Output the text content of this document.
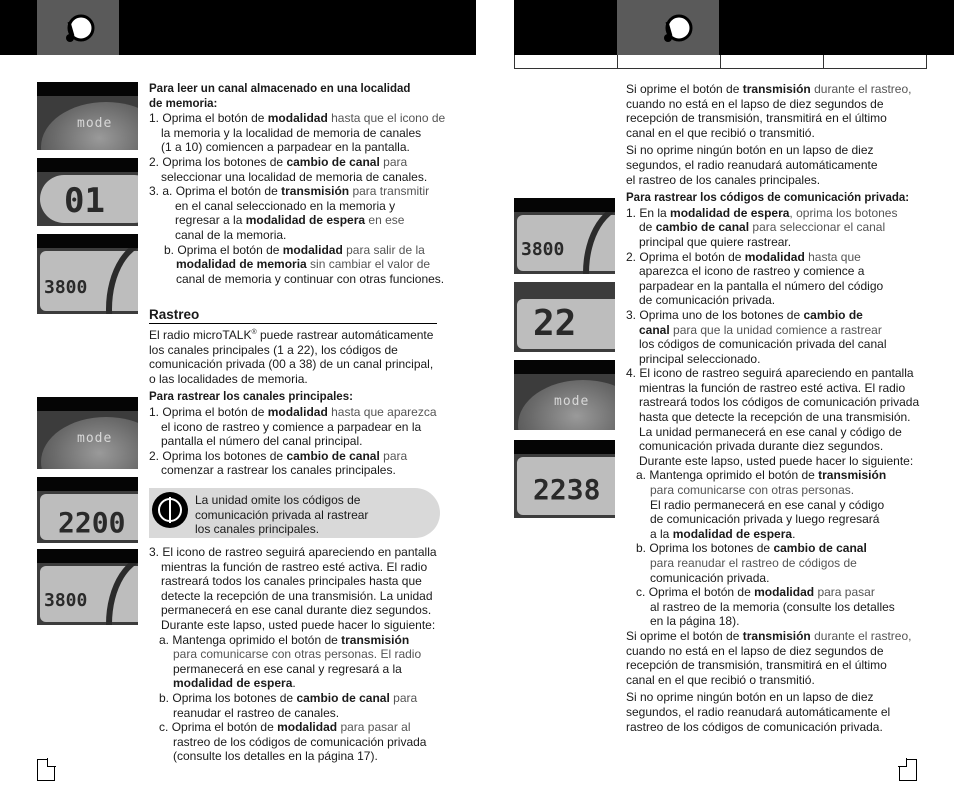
mode
01
3800
mode
2200
3800
3800
22
mode
2238

Para leer un canal almacenado en una localidad

de memoria:

1. Oprima el botón de modalidad hasta que el icono de

la memoria y la localidad de memoria de canales

(1 a 10) comiencen a parpadear en la pantalla.

2. Oprima los botones de cambio de canal para

seleccionar una localidad de memoria de canales.

3. a. Oprima el botón de transmisión para transmitir

en el canal seleccionado en la memoria y

regresar a la modalidad de espera en ese

canal de la memoria.

b. Oprima el botón de modalidad para salir de la

modalidad de memoria sin cambiar el valor de

canal de memoria y continuar con otras funciones.

Rastreo

El radio microTALK® puede rastrear automáticamente

los canales principales (1 a 22), los códigos de

comunicación privada (00 a 38) de un canal principal,

o las localidades de memoria.

Para rastrear los canales principales:

1. Oprima el botón de modalidad hasta que aparezca

el icono de rastreo y comience a parpadear en la

pantalla el número del canal principal.

2. Oprima los botones de cambio de canal para

comenzar a rastrear los canales principales.

La unidad omite los códigos de
comunicación privada al rastrear
los canales principales.

3. El icono de rastreo seguirá apareciendo en pantalla

mientras la función de rastreo esté activa. El radio

rastreará todos los canales principales hasta que

detecte la recepción de una transmisión. La unidad

permanecerá en ese canal durante diez segundos.

Durante este lapso, usted puede hacer lo siguiente:

a. Mantenga oprimido el botón de transmisión

para comunicarse con otras personas. El radio

permanecerá en ese canal y regresará a la

modalidad de espera.

b. Oprima los botones de cambio de canal para

reanudar el rastreo de canales.

c. Oprima el botón de modalidad para pasar al

rastreo de los códigos de comunicación privada

(consulte los detalles en la página 17).

Si oprime el botón de transmisión durante el rastreo,

cuando no está en el lapso de diez segundos de

recepción de transmisión, transmitirá en el último

canal en el que recibió o transmitió.

Si no oprime ningún botón en un lapso de diez

segundos, el radio reanudará automáticamente

el rastreo de los canales principales.

Para rastrear los códigos de comunicación privada:

1. En la modalidad de espera, oprima los botones

de cambio de canal para seleccionar el canal

principal que quiere rastrear.

2. Oprima el botón de modalidad hasta que

aparezca el icono de rastreo y comience a

parpadear en la pantalla el número del código

de comunicación privada.

3. Oprima uno de los botones de cambio de

canal para que la unidad comience a rastrear

los códigos de comunicación privada del canal

principal seleccionado.

4. El icono de rastreo seguirá apareciendo en pantalla

mientras la función de rastreo esté activa. El radio

rastreará todos los códigos de comunicación privada

hasta que detecte la recepción de una transmisión.

La unidad permanecerá en ese canal y código de

comunicación privada durante diez segundos.

Durante este lapso, usted puede hacer lo siguiente:

a. Mantenga oprimido el botón de transmisión

para comunicarse con otras personas.

El radio permanecerá en ese canal y código

de comunicación privada y luego regresará

a la modalidad de espera.

b. Oprima los botones de cambio de canal

para reanudar el rastreo de códigos de

comunicación privada.

c. Oprima el botón de modalidad para pasar

al rastreo de la memoria (consulte los detalles

en la página 18).

Si oprime el botón de transmisión durante el rastreo,

cuando no está en el lapso de diez segundos de

recepción de transmisión, transmitirá en el último

canal en el que recibió o transmitió.

Si no oprime ningún botón en un lapso de diez

segundos, el radio reanudará automáticamente el

rastreo de los códigos de comunicación privada.
